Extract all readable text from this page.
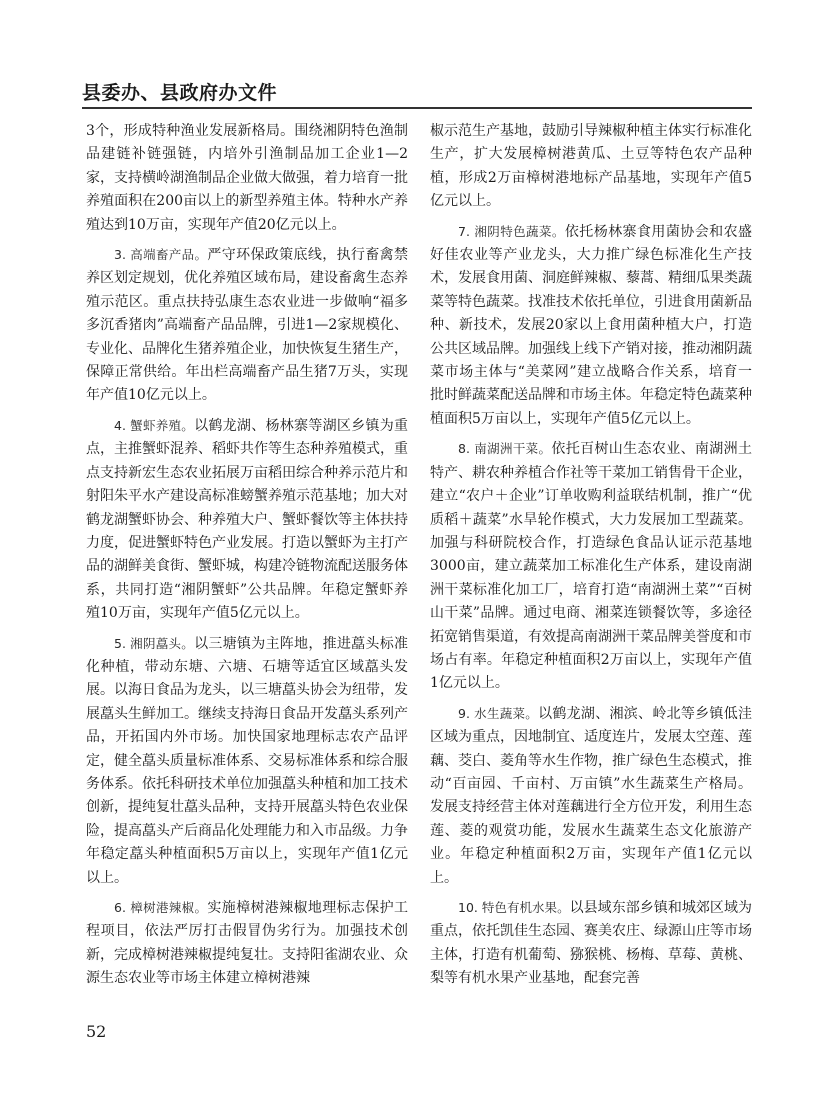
县委办、县政府办文件

3个，形成特种渔业发展新格局。围绕湘阴特色渔制品建链补链强链，内培外引渔制品加工企业1—2家，支持横岭湖渔制品企业做大做强，着力培育一批养殖面积在200亩以上的新型养殖主体。特种水产养殖达到10万亩，实现年产值20亿元以上。

3. 高端畜产品。严守环保政策底线，执行畜禽禁养区划定规划，优化养殖区域布局，建设畜禽生态养殖示范区。重点扶持弘康生态农业进一步做响“福多多沉香猪肉”高端畜产品品牌，引进1—2家规模化、专业化、品牌化生猪养殖企业，加快恢复生猪生产，保障正常供给。年出栏高端畜产品生猪7万头，实现年产值10亿元以上。

4. 蟹虾养殖。以鹤龙湖、杨林寨等湖区乡镇为重点，主推蟹虾混养、稻虾共作等生态种养殖模式，重点支持新宏生态农业拓展万亩稻田综合种养示范片和射阳朱平水产建设高标准螃蟹养殖示范基地；加大对鹤龙湖蟹虾协会、种养殖大户、蟹虾餐饮等主体扶持力度，促进蟹虾特色产业发展。打造以蟹虾为主打产品的湖鲜美食街、蟹虾城，构建冷链物流配送服务体系，共同打造“湘阴蟹虾”公共品牌。年稳定蟹虾养殖10万亩，实现年产值5亿元以上。

5. 湘阴藠头。以三塘镇为主阵地，推进藠头标准化种植，带动东塘、六塘、石塘等适宜区域藠头发展。以海日食品为龙头，以三塘藠头协会为纽带，发展藠头生鲜加工。继续支持海日食品开发藠头系列产品，开拓国内外市场。加快国家地理标志农产品评定，健全藠头质量标准体系、交易标准体系和综合服务体系。依托科研技术单位加强藠头种植和加工技术创新，提纯复壮藠头品种，支持开展藠头特色农业保险，提高藠头产后商品化处理能力和入市品级。力争年稳定藠头种植面积5万亩以上，实现年产值1亿元以上。

6. 樟树港辣椒。实施樟树港辣椒地理标志保护工程项目，依法严厉打击假冒伪劣行为。加强技术创新，完成樟树港辣椒提纯复壮。支持阳雀湖农业、众源生态农业等市场主体建立樟树港辣

椒示范生产基地，鼓励引导辣椒种植主体实行标准化生产，扩大发展樟树港黄瓜、土豆等特色农产品种植，形成2万亩樟树港地标产品基地，实现年产值5亿元以上。

7. 湘阴特色蔬菜。依托杨林寨食用菌协会和农盛好佳农业等产业龙头，大力推广绿色标准化生产技术，发展食用菌、洞庭鲜辣椒、藜蒿、精细瓜果类蔬菜等特色蔬菜。找准技术依托单位，引进食用菌新品种、新技术，发展20家以上食用菌种植大户，打造公共区域品牌。加强线上线下产销对接，推动湘阴蔬菜市场主体与“美菜网”建立战略合作关系，培育一批时鲜蔬菜配送品牌和市场主体。年稳定特色蔬菜种植面积5万亩以上，实现年产值5亿元以上。

8. 南湖洲干菜。依托百树山生态农业、南湖洲土特产、耕农种养植合作社等干菜加工销售骨干企业，建立“农户＋企业”订单收购利益联结机制，推广“优质稻＋蔬菜”水旱轮作模式，大力发展加工型蔬菜。加强与科研院校合作，打造绿色食品认证示范基地3000亩，建立蔬菜加工标准化生产体系，建设南湖洲干菜标准化加工厂，培育打造“南湖洲土菜”“百树山干菜”品牌。通过电商、湘菜连锁餐饮等，多途径拓宽销售渠道，有效提高南湖洲干菜品牌美誉度和市场占有率。年稳定种植面积2万亩以上，实现年产值1亿元以上。

9. 水生蔬菜。以鹤龙湖、湘滨、岭北等乡镇低洼区域为重点，因地制宜、适度连片，发展太空莲、莲藕、茭白、菱角等水生作物，推广绿色生态模式，推动“百亩园、千亩村、万亩镇”水生蔬菜生产格局。发展支持经营主体对莲藕进行全方位开发，利用生态莲、菱的观赏功能，发展水生蔬菜生态文化旅游产业。年稳定种植面积2万亩，实现年产值1亿元以上。

10. 特色有机水果。以县域东部乡镇和城郊区域为重点，依托凯佳生态园、赛美农庄、绿源山庄等市场主体，打造有机葡萄、猕猴桃、杨梅、草莓、黄桃、梨等有机水果产业基地，配套完善

52
